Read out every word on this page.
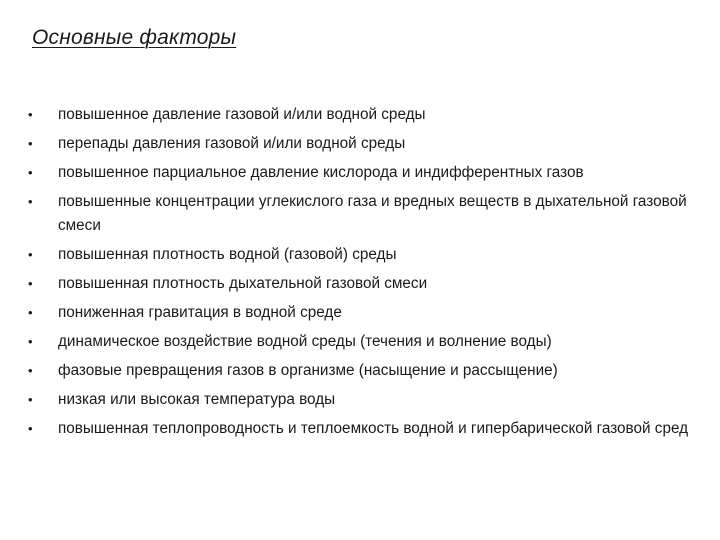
Основные факторы
•	повышенное давление газовой и/или водной среды
•	перепады давления газовой и/или водной среды
•	повышенное парциальное давление кислорода и индифферентных газов
•	повышенные концентрации углекислого газа и вредных веществ в дыхательной газовой смеси
•	повышенная плотность водной (газовой) среды
•	повышенная плотность дыхательной газовой смеси
•	пониженная гравитация в водной среде
•	динамическое воздействие водной среды (течения и волнение воды)
•	фазовые превращения газов в организме (насыщение и рассыщение)
•	низкая или высокая температура воды
•	повышенная теплопроводность и теплоемкость водной и гипербарической газовой сред
